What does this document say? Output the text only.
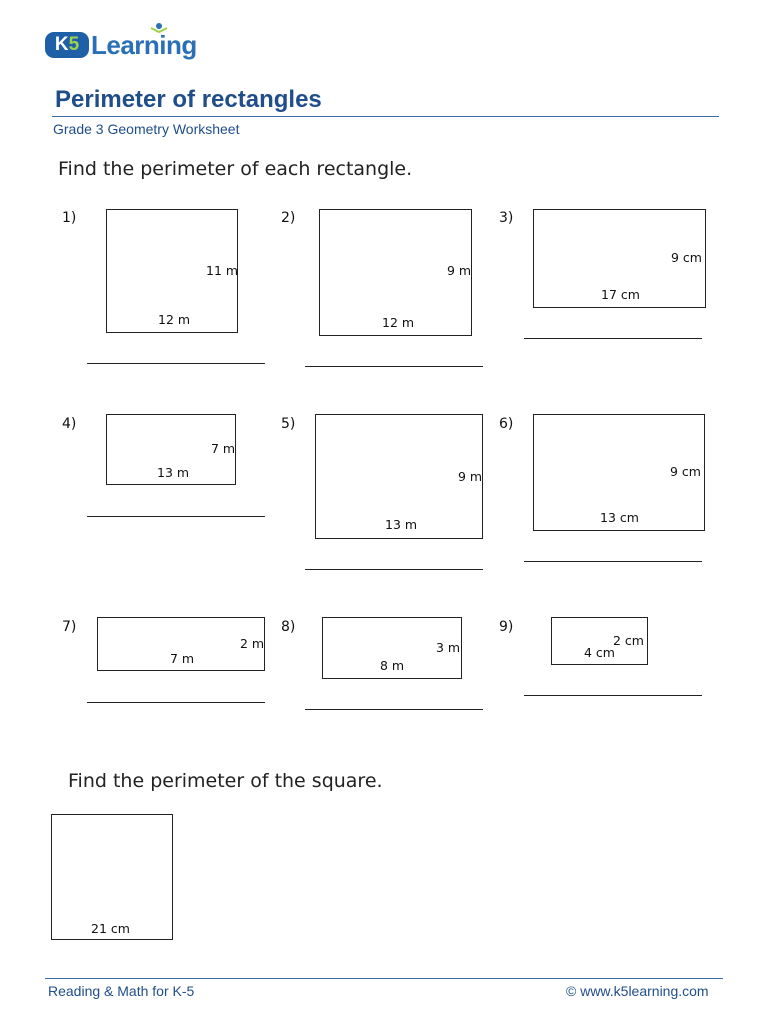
K5 Learning
Perimeter of rectangles
Grade 3 Geometry Worksheet
Find the perimeter of each rectangle.
1)
11 m
12 m
2)
9 m
12 m
3)
9 cm
17 cm
4)
7 m
13 m
5)
9 m
13 m
6)
9 cm
13 cm
7)
2 m
7 m
8)
3 m
8 m
9)
2 cm
4 cm
Find the perimeter of the square.
21 cm
Reading & Math for K-5	© www.k5learning.com
